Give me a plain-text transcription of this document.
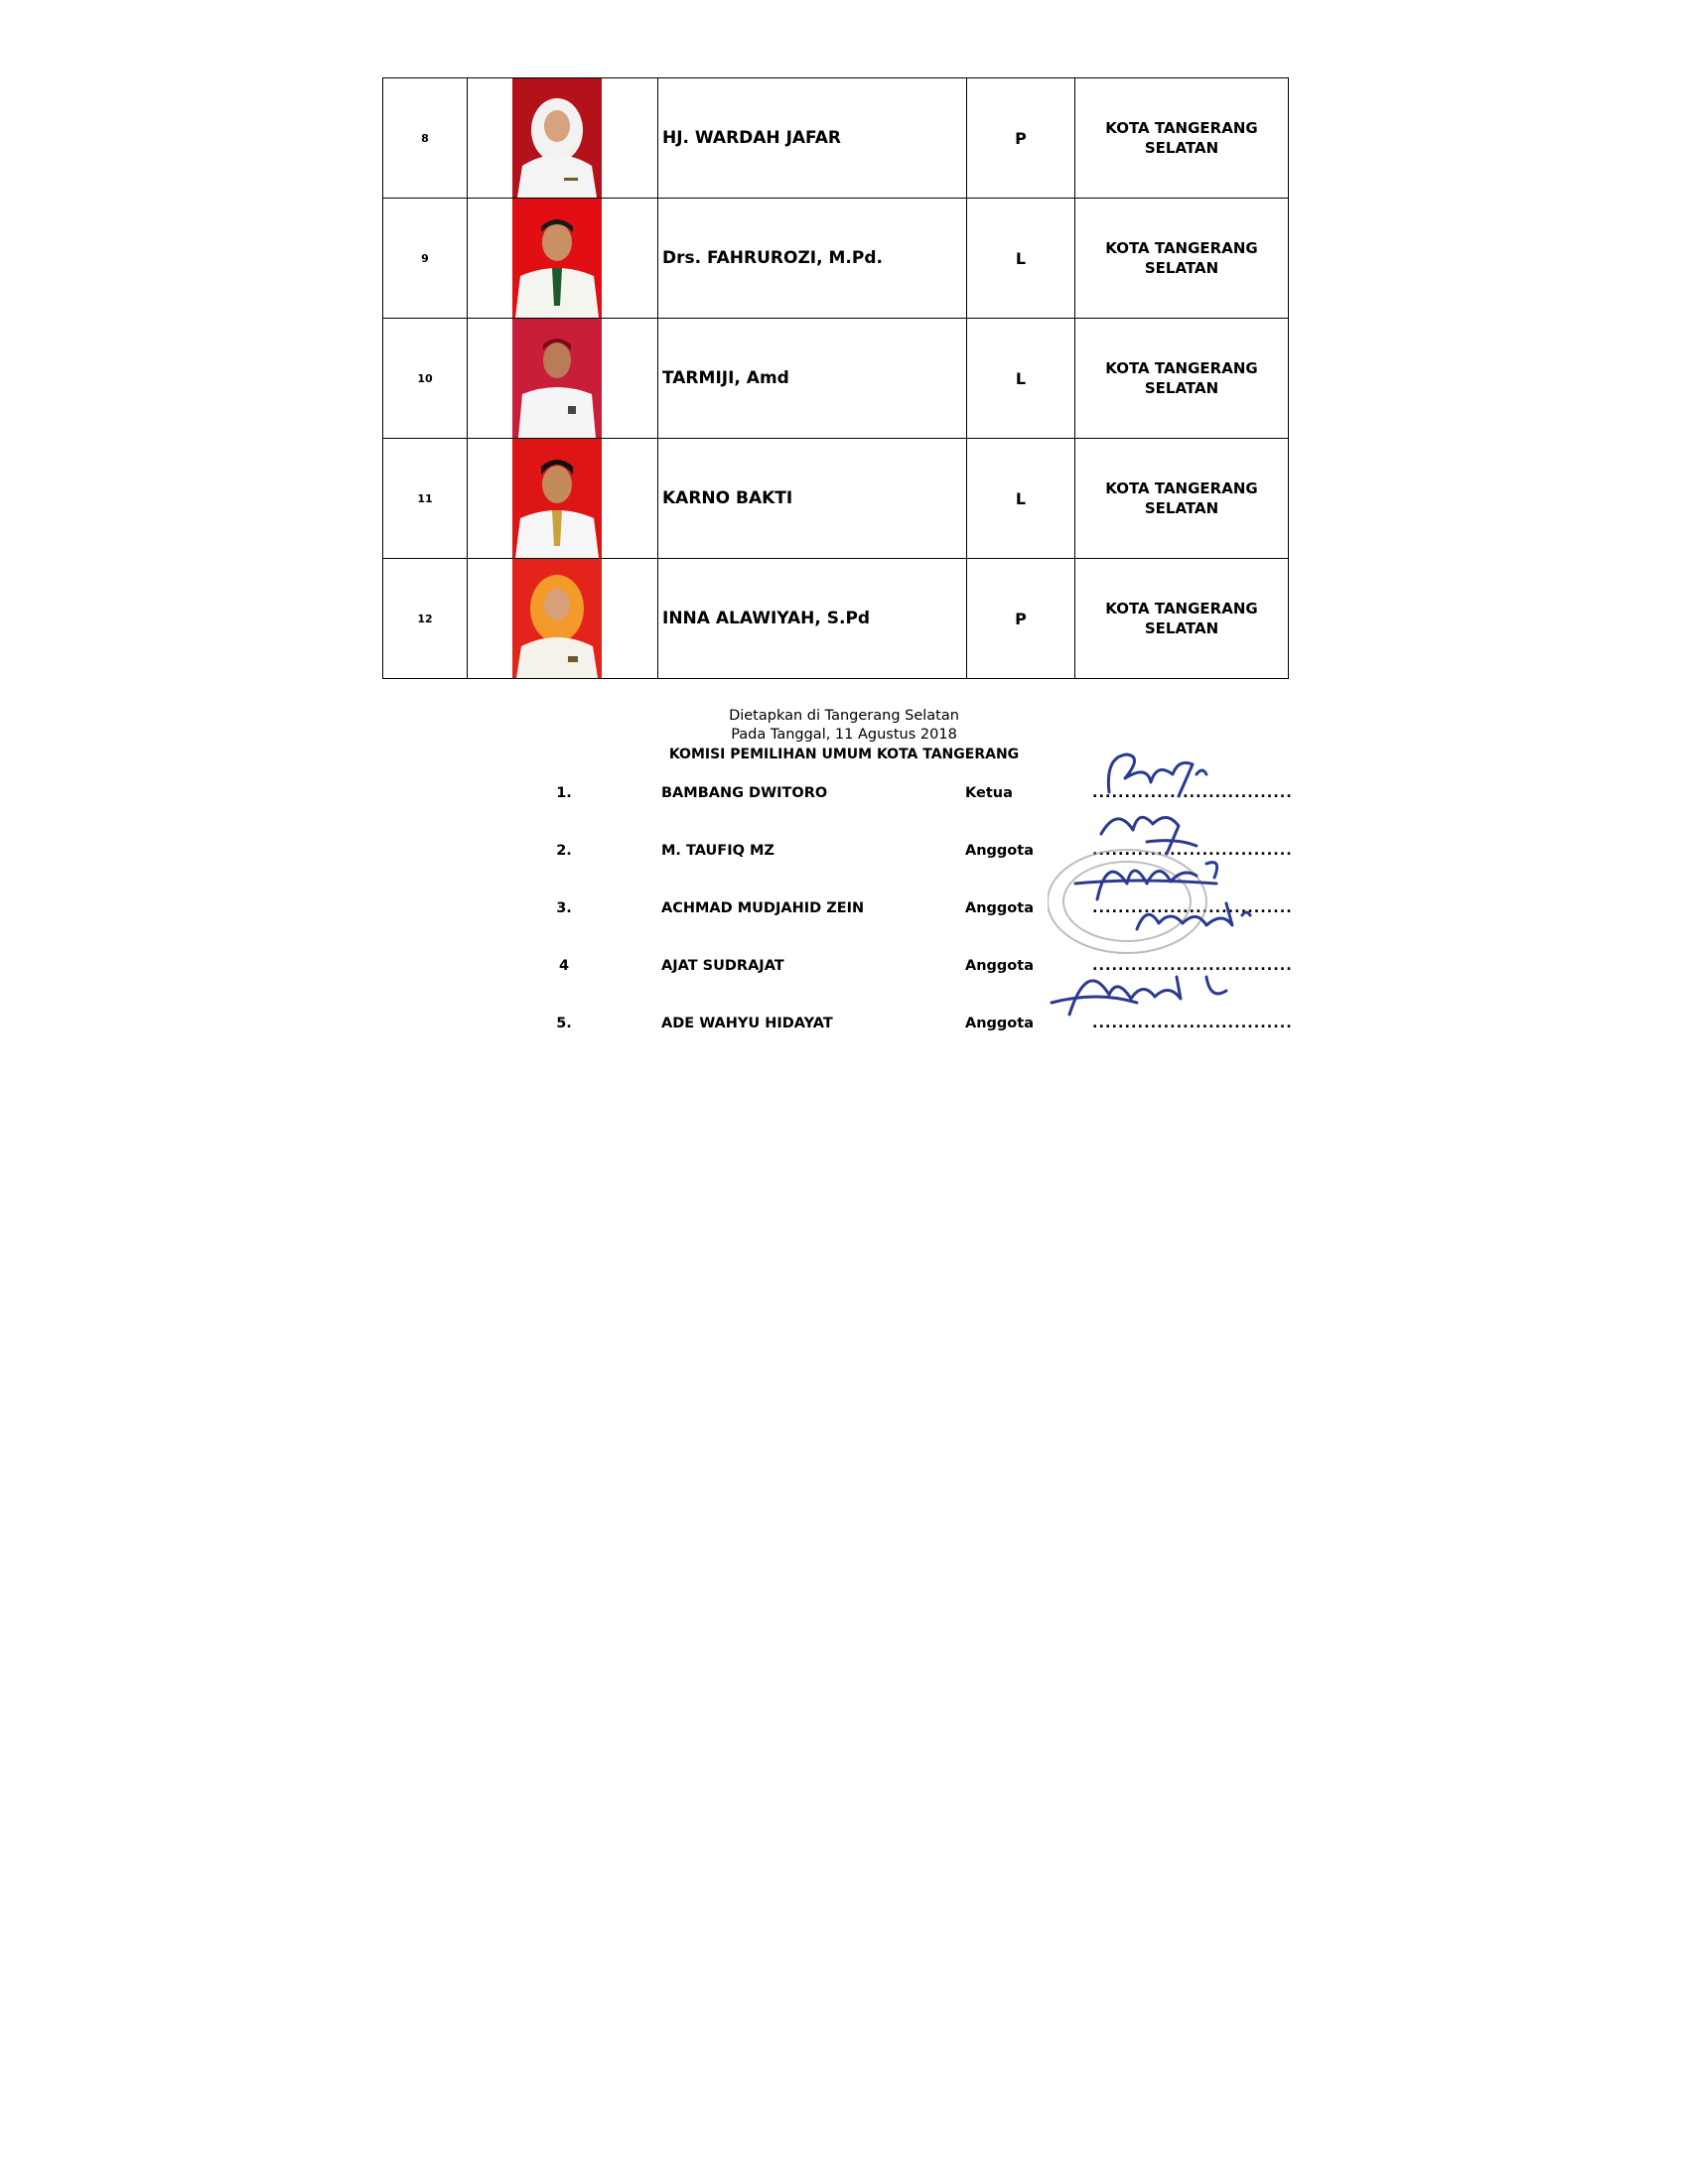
8		HJ. WARDAH JAFAR	P	KOTA TANGERANG
SELATAN

9		Drs. FAHRUROZI, M.Pd.	L	KOTA TANGERANG
SELATAN

10		TARMIJI, Amd	L	KOTA TANGERANG
SELATAN

11		KARNO BAKTI	L	KOTA TANGERANG
SELATAN

12		INNA ALAWIYAH, S.Pd	P	KOTA TANGERANG
SELATAN
Dietapkan di Tangerang Selatan
Pada Tanggal, 11 Agustus 2018
KOMISI PEMILIHAN UMUM KOTA TANGERANG
1.	BAMBANG DWITORO	Ketua	...............................
2.	M. TAUFIQ MZ	Anggota	...............................
3.	ACHMAD MUDJAHID ZEIN	Anggota	...............................
4	AJAT SUDRAJAT	Anggota	...............................
5.	ADE WAHYU HIDAYAT	Anggota	...............................
